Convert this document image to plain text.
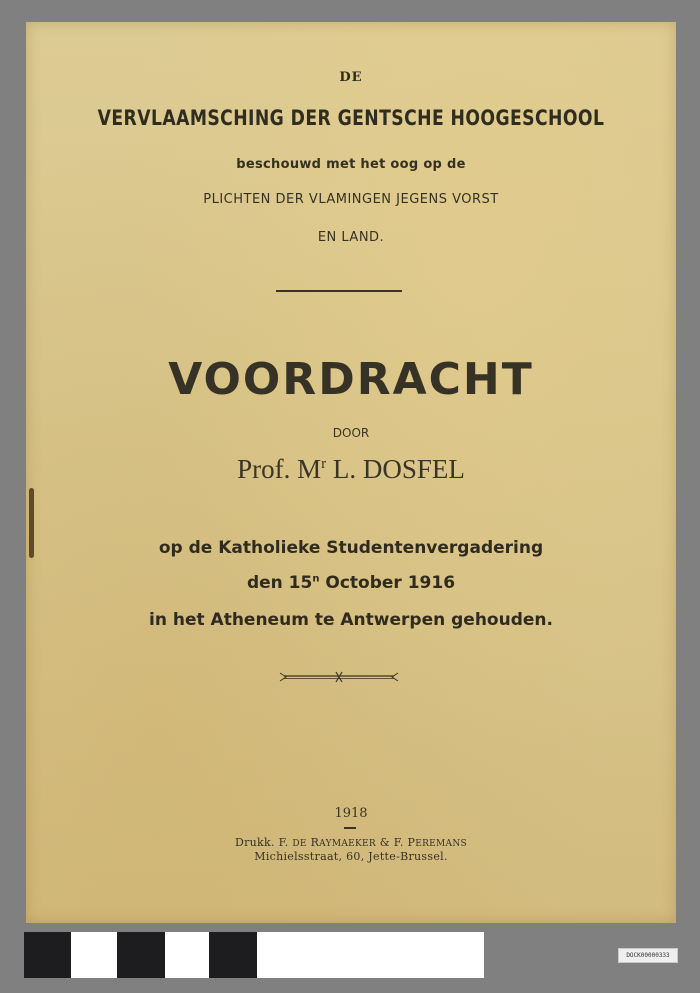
DE
VERVLAAMSCHING DER GENTSCHE HOOGESCHOOL
beschouwd met het oog op de
PLICHTEN DER VLAMINGEN JEGENS VORST
EN LAND.
VOORDRACHT
DOOR
Prof. $M^r$ L. DOSFEL
op de Katholieke Studentenvergadering
den 15$^n$ October 1916
in het Atheneum te Antwerpen gehouden.
1918
Drukk. F. DE RAYMAEKER & F. PEREMANS
Michielsstraat, 60, Jette-Brussel.
DOCK00000333
